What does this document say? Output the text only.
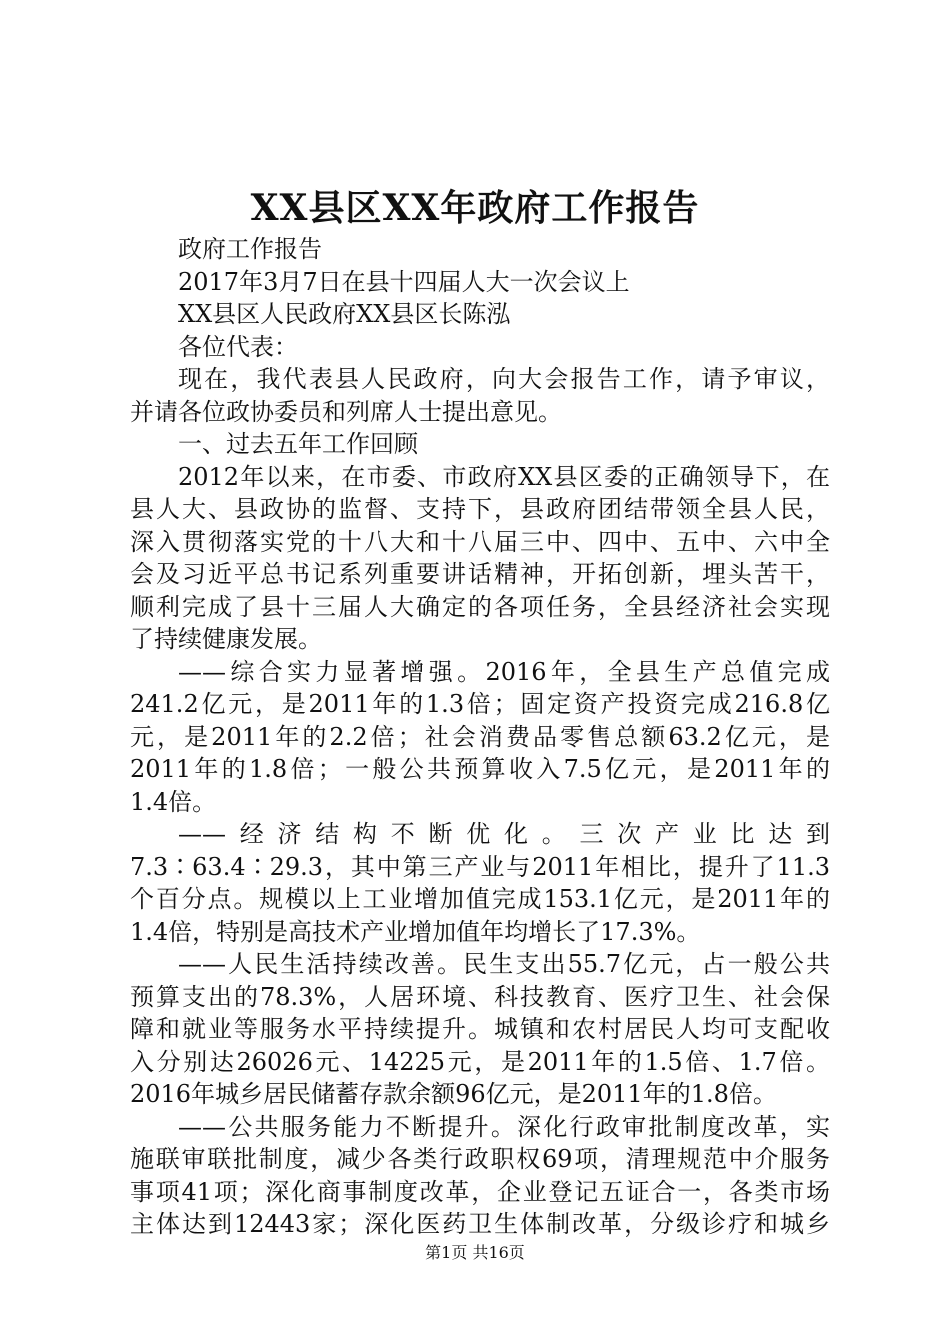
XX县区XX年政府工作报告
政府工作报告
2017年3月7日在县十四届人大一次会议上
XX县区人民政府XX县区长陈泓
各位代表：
现在，我代表县人民政府，向大会报告工作，请予审议，
并请各位政协委员和列席人士提出意见。
一、过去五年工作回顾
2012年以来，在市委、市政府XX县区委的正确领导下，在
县人大、县政协的监督、支持下，县政府团结带领全县人民，
深入贯彻落实党的十八大和十八届三中、四中、五中、六中全
会及习近平总书记系列重要讲话精神，开拓创新，埋头苦干，
顺利完成了县十三届人大确定的各项任务，全县经济社会实现
了持续健康发展。
——综合实力显著增强。2016年，全县生产总值完成
241.2亿元，是2011年的1.3倍；固定资产投资完成216.8亿
元，是2011年的2.2倍；社会消费品零售总额63.2亿元，是
2011年的1.8倍；一般公共预算收入7.5亿元，是2011年的
1.4倍。
——经济结构不断优化。三次产业比达到
7.3∶63.4∶29.3，其中第三产业与2011年相比，提升了11.3
个百分点。规模以上工业增加值完成153.1亿元，是2011年的
1.4倍，特别是高技术产业增加值年均增长了17.3%。
——人民生活持续改善。民生支出55.7亿元，占一般公共
预算支出的78.3%，人居环境、科技教育、医疗卫生、社会保
障和就业等服务水平持续提升。城镇和农村居民人均可支配收
入分别达26026元、14225元，是2011年的1.5倍、1.7倍。
2016年城乡居民储蓄存款余额96亿元，是2011年的1.8倍。
——公共服务能力不断提升。深化行政审批制度改革，实
施联审联批制度，减少各类行政职权69项，清理规范中介服务
事项41项；深化商事制度改革，企业登记五证合一，各类市场
主体达到12443家；深化医药卫生体制改革，分级诊疗和城乡
第1页 共16页
